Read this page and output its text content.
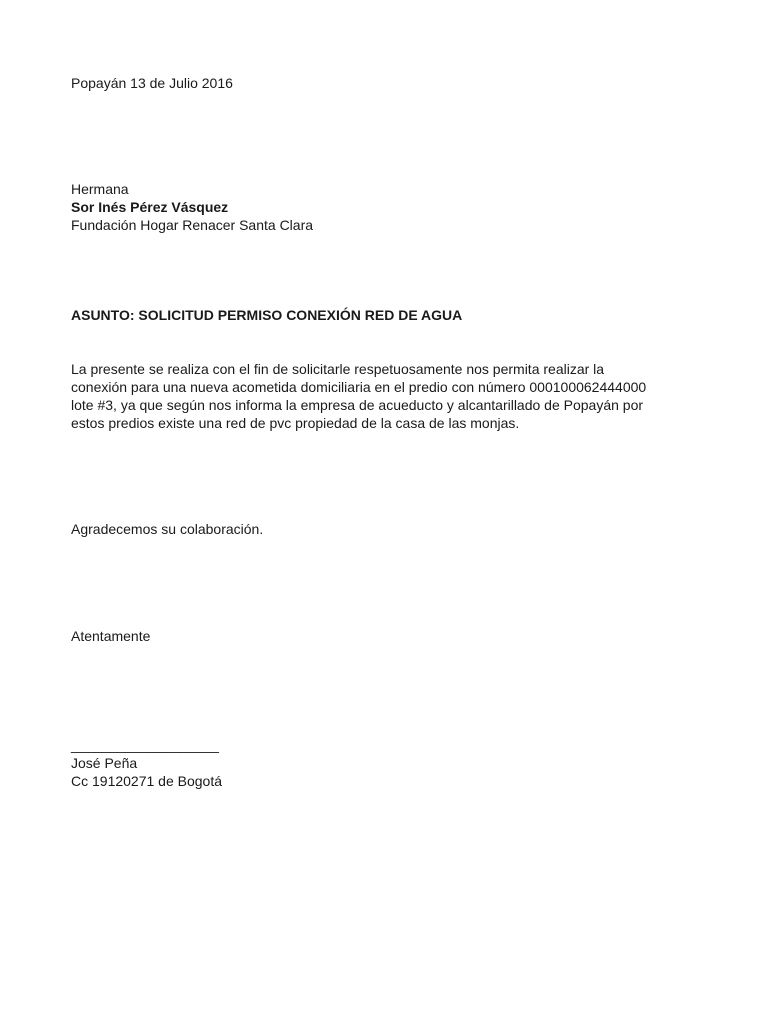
Popayán 13 de Julio 2016

Hermana
Sor Inés Pérez Vásquez
Fundación Hogar Renacer Santa Clara

ASUNTO: SOLICITUD PERMISO CONEXIÓN RED DE AGUA

La presente se realiza con el fin de solicitarle respetuosamente nos permita realizar la
conexión para una nueva acometida domiciliaria en el predio con número 000100062444000
lote #3, ya que según nos informa la empresa de acueducto y alcantarillado de Popayán por
estos predios existe una red de pvc propiedad de la casa de las monjas.

Agradecemos su colaboración.

Atentamente

___________________
José Peña
Cc 19120271 de Bogotá
